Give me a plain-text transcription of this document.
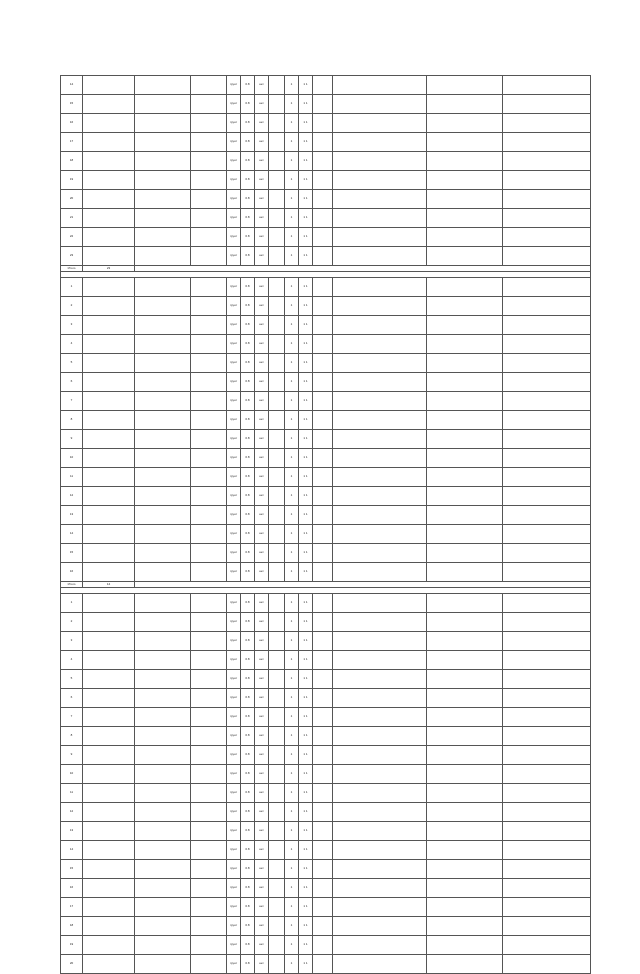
14				грунт	0.8	нет		1	1 1				
15				грунт	0.8	нет		1	1 1				
16				грунт	0.8	нет		1	1 1				
17				грунт	0.8	нет		1	1 1				
18				грунт	0.8	нет		1	1 1				
19				грунт	0.8	нет		1	1 1				
20				грунт	0.8	нет		1	1 1				
21				грунт	0.8	нет		1	1 1				
22				грунт	0.8	нет		1	1 1				
23				грунт	0.8	нет		1	1 1				
Итого	23												

1				грунт	0.8	нет		1	1 1				
2				грунт	0.8	нет		1	1 1				
3				грунт	0.8	нет		1	1 1				
4				грунт	0.8	нет		1	1 1				
5				грунт	0.8	нет		1	1 1				
6				грунт	0.8	нет		1	1 1				
7				грунт	0.8	нет		1	1 1				
8				грунт	0.8	нет		1	1 1				
9				грунт	0.8	нет		1	1 1				
10				грунт	0.8	нет		1	1 1				
11				грунт	0.8	нет		1	1 1				
12				грунт	0.8	нет		1	1 1				
13				грунт	0.8	нет		1	1 1				
14				грунт	0.8	нет		1	1 1				
15				грунт	0.8	нет		1	1 1				
16				грунт	0.8	нет		1	1 1				
Итого	14												

1				грунт	0.8	нет		1	1 1				
2				грунт	0.8	нет		1	1 1				
3				грунт	0.8	нет		1	1 1				
4				грунт	0.8	нет		1	1 1				
5				грунт	0.8	нет		1	1 1				
6				грунт	0.8	нет		1	1 1				
7				грунт	0.8	нет		1	1 1				
8				грунт	0.8	нет		1	1 1				
9				грунт	0.8	нет		1	1 1				
10				грунт	0.8	нет		1	1 1				
11				грунт	0.8	нет		1	1 1				
12				грунт	0.8	нет		1	1 1				
13				грунт	0.8	нет		1	1 1				
14				грунт	0.8	нет		1	1 1				
15				грунт	0.8	нет		1	1 1				
16				грунт	0.8	нет		1	1 1				
17				грунт	0.8	нет		1	1 1				
18				грунт	0.8	нет		1	1 1				
19				грунт	0.8	нет		1	1 1				
20				грунт	0.8	нет		1	1 1				
